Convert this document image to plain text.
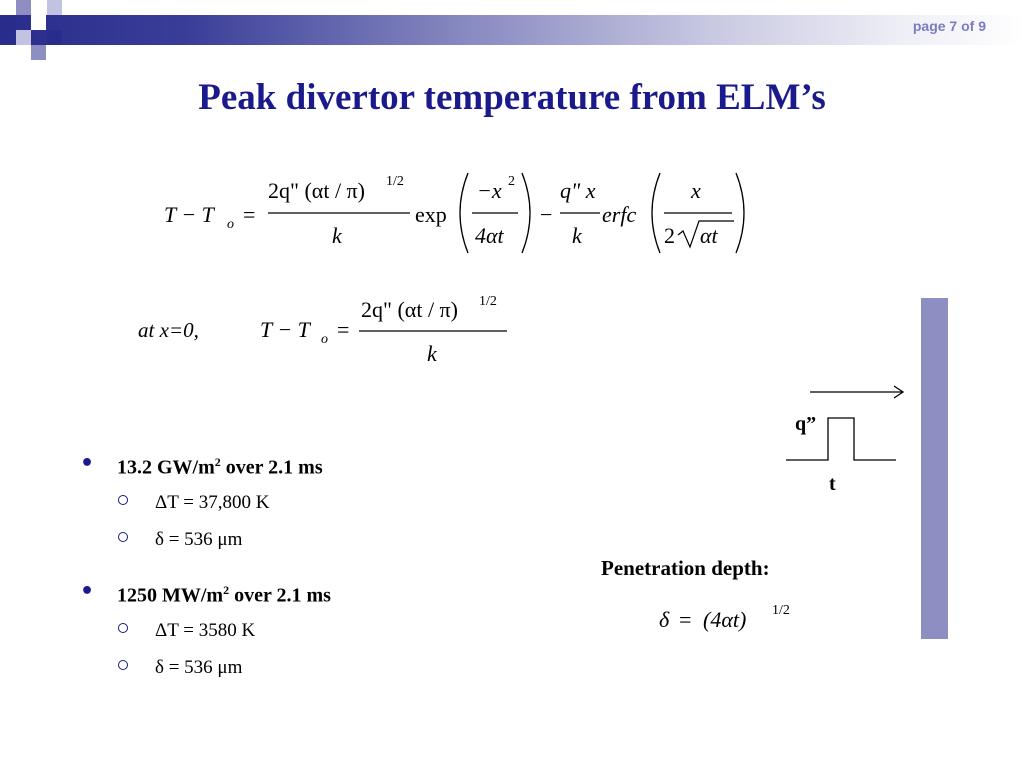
page 7 of 9
Peak divertor temperature from ELM’s
T − T o =
2q" (αt / π) 1/2
k
exp
−x 2
4αt
−
q" x
k
erfc
x
2 αt
at x=0,	T − T o =
2q" (αt / π) 1/2
k
• 13.2 $GW/m^2$ over 2.1 ms
ΔT = 37,800 K
δ = 536 μm
• 1250 $MW/m^2$ over 2.1 ms
ΔT = 3580 K
δ = 536 μm
q”
t
Penetration depth:
δ = (4αt) 1/2
